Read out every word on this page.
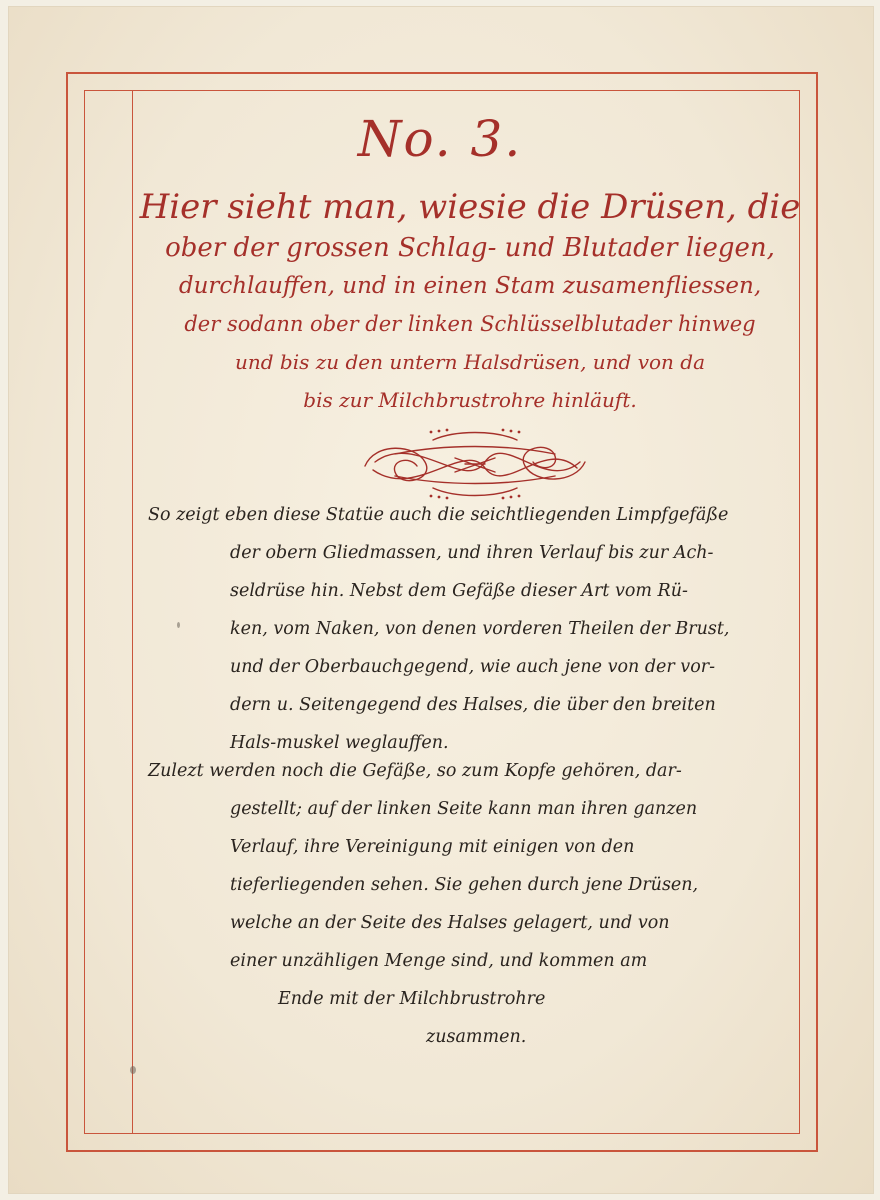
No. 3.
Hier sieht man, wiesie die Drüsen, die
ober der grossen Schlag- und Blutader liegen,
durchlauffen, und in einen Stam zusamenfliessen,
der sodann ober der linken Schlüsselblutader hinweg
und bis zu den untern Halsdrüsen, und von da
bis zur Milchbrustrohre hinläuft.
So zeigt eben diese Statüe auch die seichtliegenden Limpfgefäße
der obern Gliedmassen, und ihren Verlauf bis zur Ach-
seldrüse hin. Nebst dem Gefäße dieser Art vom Rü-
ken, vom Naken, von denen vorderen Theilen der Brust,
und der Oberbauchgegend, wie auch jene von der vor-
dern u. Seitengegend des Halses, die über den breiten
Hals-muskel weglauffen.
Zulezt werden noch die Gefäße, so zum Kopfe gehören, dar-
gestellt; auf der linken Seite kann man ihren ganzen
Verlauf, ihre Vereinigung mit einigen von den
tieferliegenden sehen. Sie gehen durch jene Drüsen,
welche an der Seite des Halses gelagert, und von
einer unzähligen Menge sind, und kommen am
Ende mit der Milchbrustrohre
zusammen.
